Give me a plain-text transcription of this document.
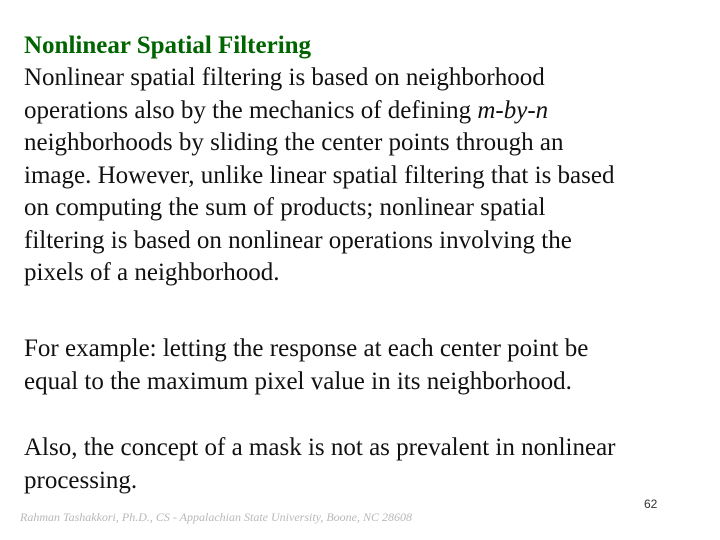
Nonlinear Spatial Filtering
Nonlinear spatial filtering is based on neighborhood
operations also by the mechanics of defining m-by-n
neighborhoods by sliding the center points through an
image. However, unlike linear spatial filtering that is based
on computing the sum of products; nonlinear spatial
filtering is based on nonlinear operations involving the
pixels of a neighborhood.
For example: letting the response at each center point be
equal to the maximum pixel value in its neighborhood.
Also, the concept of a mask is not as prevalent in nonlinear
processing.
62
Rahman Tashakkori, Ph.D., CS - Appalachian State University, Boone, NC 28608
